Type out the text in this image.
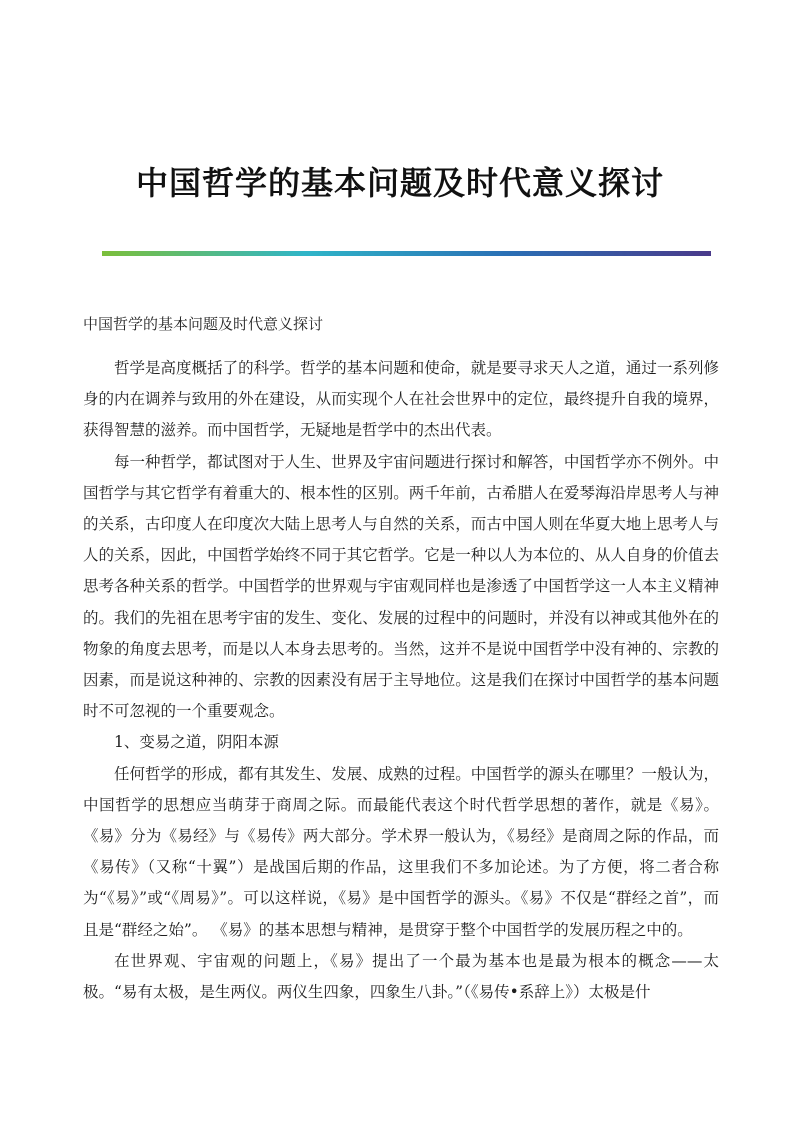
中国哲学的基本问题及时代意义探讨

中国哲学的基本问题及时代意义探讨

哲学是高度概括了的科学。哲学的基本问题和使命，就是要寻求天人之道，通过一系列修身的内在调养与致用的外在建设，从而实现个人在社会世界中的定位，最终提升自我的境界，获得智慧的滋养。而中国哲学，无疑地是哲学中的杰出代表。

每一种哲学，都试图对于人生、世界及宇宙问题进行探讨和解答，中国哲学亦不例外。中国哲学与其它哲学有着重大的、根本性的区别。两千年前，古希腊人在爱琴海沿岸思考人与神的关系，古印度人在印度次大陆上思考人与自然的关系，而古中国人则在华夏大地上思考人与人的关系，因此，中国哲学始终不同于其它哲学。它是一种以人为本位的、从人自身的价值去思考各种关系的哲学。中国哲学的世界观与宇宙观同样也是渗透了中国哲学这一人本主义精神的。我们的先祖在思考宇宙的发生、变化、发展的过程中的问题时，并没有以神或其他外在的物象的角度去思考，而是以人本身去思考的。当然，这并不是说中国哲学中没有神的、宗教的因素，而是说这种神的、宗教的因素没有居于主导地位。这是我们在探讨中国哲学的基本问题时不可忽视的一个重要观念。

1、变易之道，阴阳本源

任何哲学的形成，都有其发生、发展、成熟的过程。中国哲学的源头在哪里？一般认为，中国哲学的思想应当萌芽于商周之际。而最能代表这个时代哲学思想的著作，就是《易》。《易》分为《易经》与《易传》两大部分。学术界一般认为，《易经》是商周之际的作品，而《易传》（又称“十翼”）是战国后期的作品，这里我们不多加论述。为了方便，将二者合称为“《易》”或“《周易》”。可以这样说，《易》是中国哲学的源头。《易》不仅是“群经之首”，而且是“群经之始”。 《易》的基本思想与精神，是贯穿于整个中国哲学的发展历程之中的。

在世界观、宇宙观的问题上，《易》提出了一个最为基本也是最为根本的概念——太极。“易有太极，是生两仪。两仪生四象，四象生八卦。”（《易传•系辞上》）太极是什
